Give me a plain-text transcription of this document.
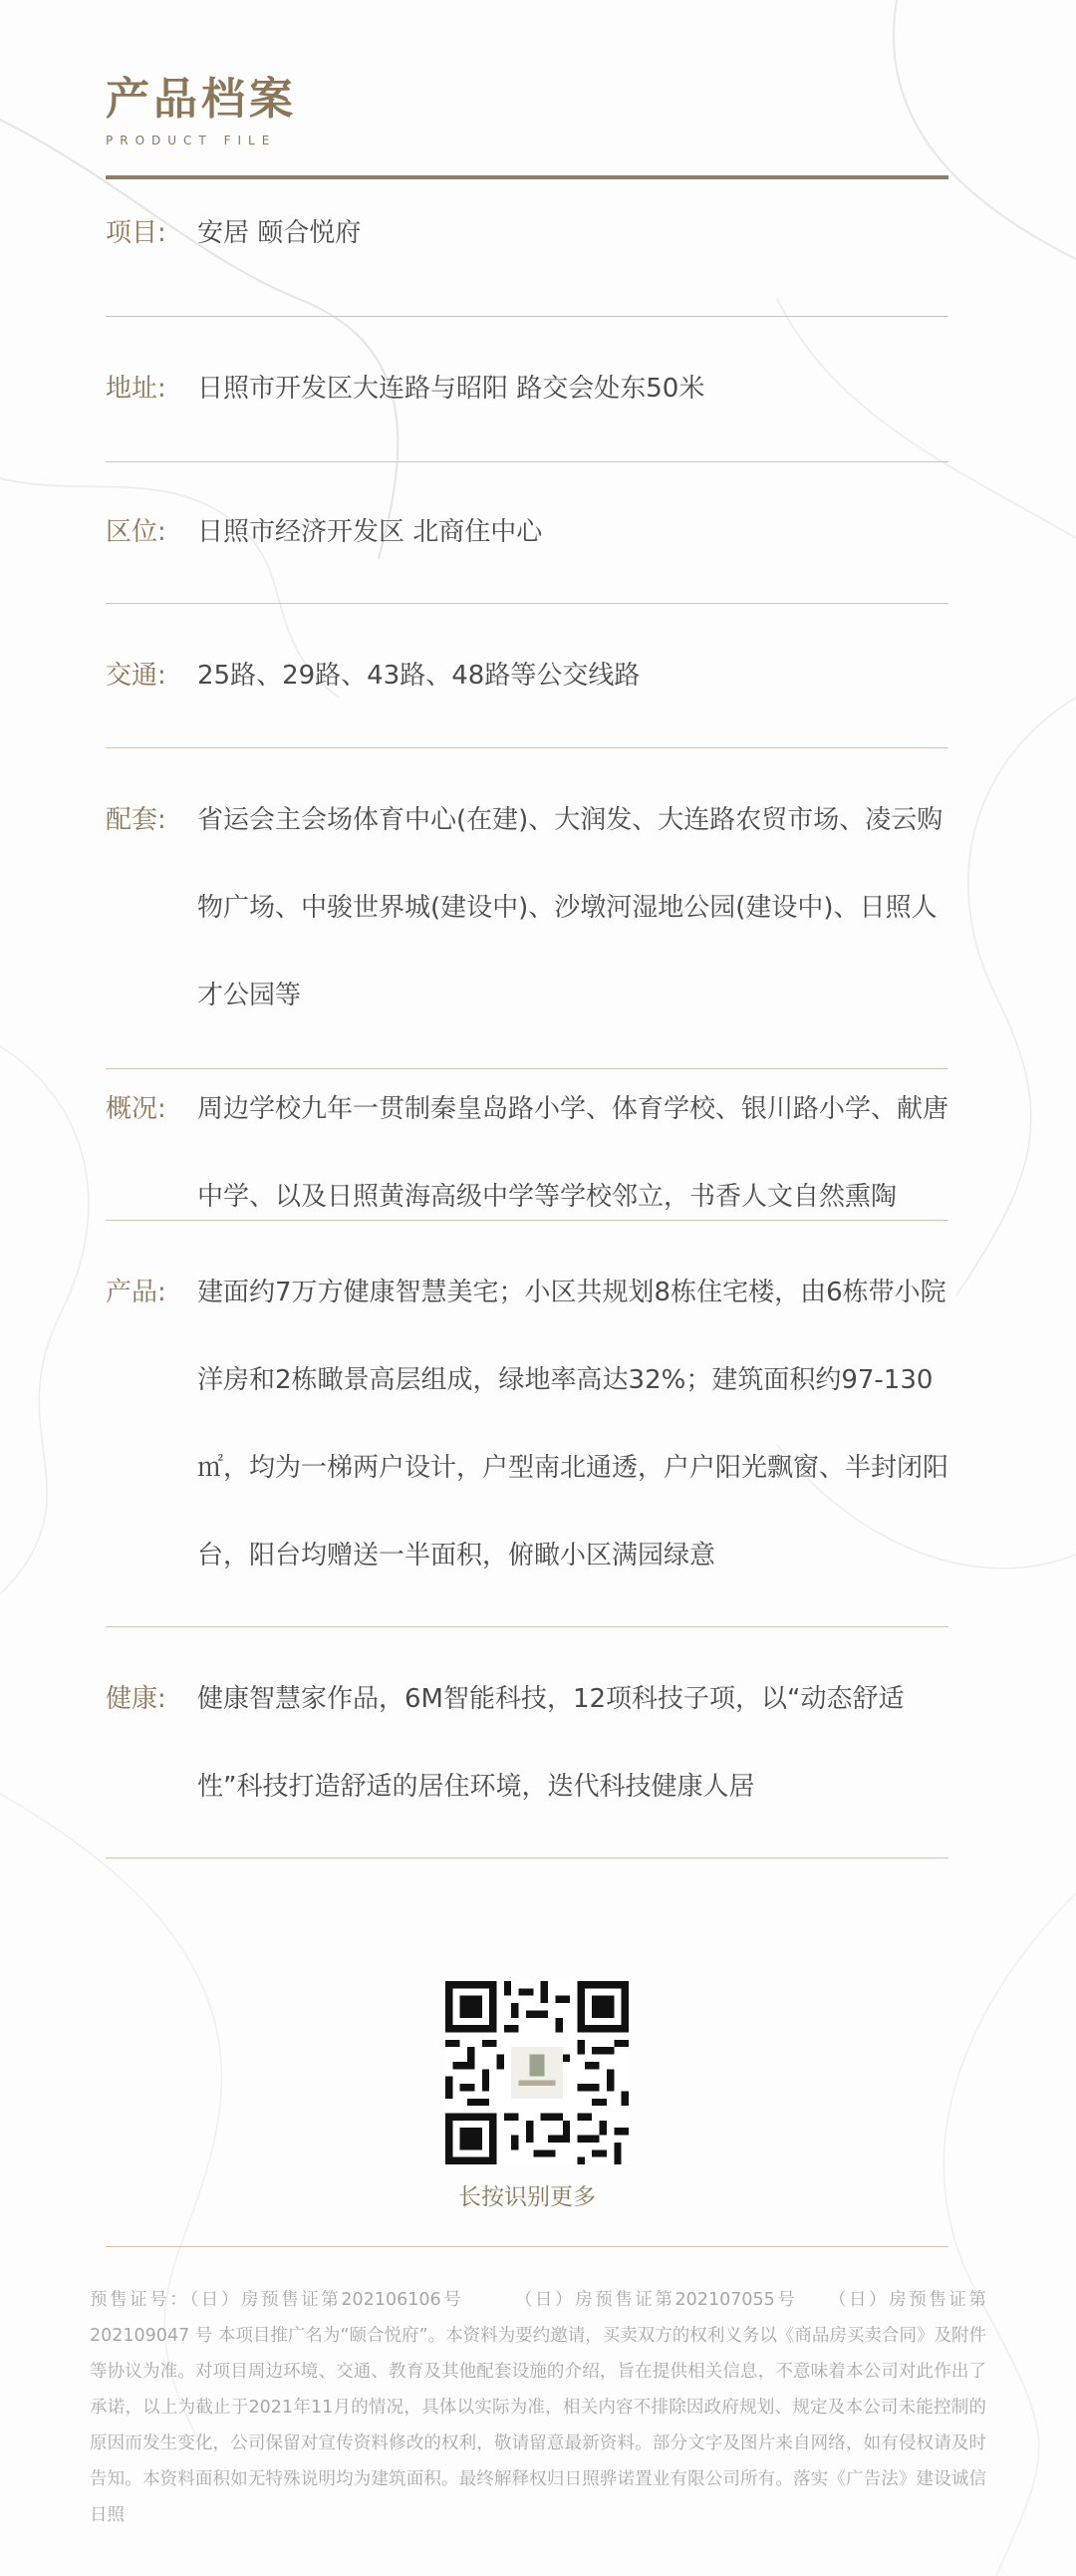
产品档案
PRODUCT FILE
项目:	安居 颐合悦府
地址:	日照市开发区大连路与昭阳 路交会处东50米
区位:	日照市经济开发区 北商住中心
交通:	25路、29路、43路、48路等公交线路
配套:	省运会主会场体育中心(在建)、大润发、大连路农贸市场、凌云购物广场、中骏世界城(建设中)、沙墩河湿地公园(建设中)、日照人才公园等
概况:	周边学校九年一贯制秦皇岛路小学、体育学校、银川路小学、献唐中学、以及日照黄海高级中学等学校邻立，书香人文自然熏陶
产品:	建面约7万方健康智慧美宅；小区共规划8栋住宅楼，由6栋带小院洋房和2栋瞰景高层组成，绿地率高达32%；建筑面积约97-130㎡，均为一梯两户设计，户型南北通透，户户阳光飘窗、半封闭阳台，阳台均赠送一半面积，俯瞰小区满园绿意
健康:	健康智慧家作品，6M智能科技，12项科技子项，以“动态舒适性”科技打造舒适的居住环境，迭代科技健康人居
长按识别更多
预售证号：（日）房预售证第202106106号　　　（日）房预售证第202107055号　　（日）房预售证第202109047 号 本项目推广名为“颐合悦府”。本资料为要约邀请，买卖双方的权利义务以《商品房买卖合同》及附件等协议为准。对项目周边环境、交通、教育及其他配套设施的介绍，旨在提供相关信息，不意味着本公司对此作出了承诺，以上为截止于2021年11月的情况，具体以实际为准，相关内容不排除因政府规划、规定及本公司未能控制的原因而发生变化，公司保留对宣传资料修改的权利，敬请留意最新资料。部分文字及图片来自网络，如有侵权请及时告知。本资料面积如无特殊说明均为建筑面积。最终解释权归日照骅诺置业有限公司所有。落实《广告法》建设诚信日照
